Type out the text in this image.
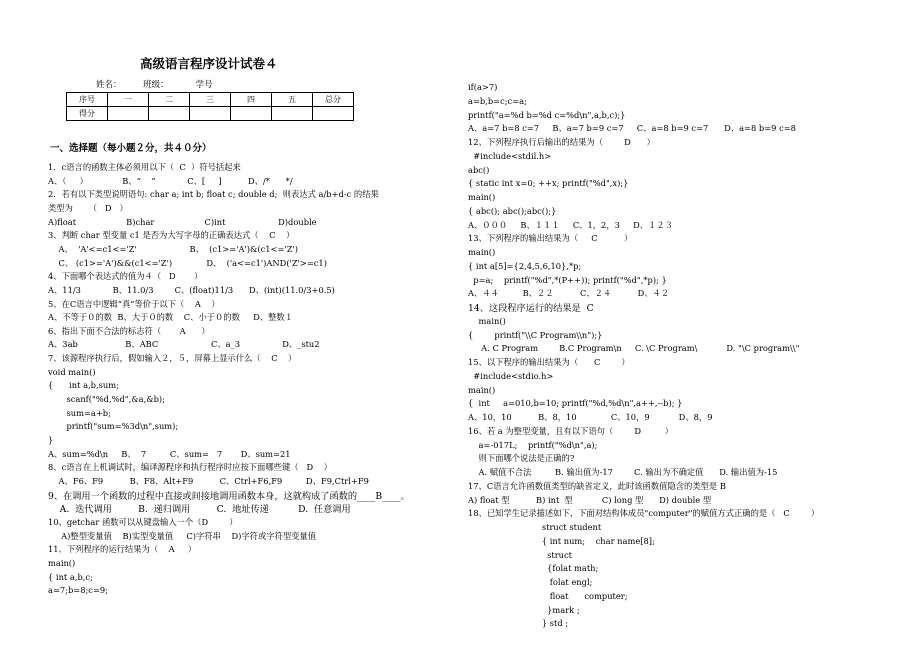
高级语言程序设计试卷４
姓名：        班级：          学号
序号	一	二	三	四	五	总分
得分						
一、选择题（每小题２分，共４０分）
1．c语言的函数主体必须用以下（  C  ）符号括起来
A、（     ）             B、“    ”            C、[     ]          D、/*      */
2．若有以下类型说明语句: char a; int b; float c; double d;  则表达式 a/b+d-c 的结果
类型为      （   D   ）
A)float                   B)char                   C)int                    D)double
3、判断 char 型变量 c1 是否为大写字母的正确表达式（    C    ）
A、  'A'<=c1<='Z'                    B、  (c1>='A')&(c1<='Z')
C、 (c1>='A')&&(c1<='Z')             D、  ('a<=c1')AND('Z'>=c1)
4、下面哪个表达式的值为４（   D       ）
A、11/3            B、11.0/3        C、(float)11/3      D、(int)(11.0/3+0.5)
5、在C语言中逻辑“真”等价于以下（    A    ）
A、不等于０的数  B、大于０的数    C、小于０的数     D、整数１
6、指出下面不合法的标志符（       A      ）
A、3ab                  B、ABC                    C、a_3                D、_stu2
7、该源程序执行后，假如输入２，５，屏幕上显示什么（    C    ）
void main()
{      int a,b,sum;
scanf("%d,%d",&a,&b);
sum=a+b;
printf("sum=%3d\n",sum);
}
A、sum=%d\n     B、  7         C、sum=   7       D、sum=21
8、c语言在上机调试时，编译源程序和执行程序时应按下面哪些键（   D    ）
A、F6、F9          B、F8、Alt+F9          C、Ctrl+F6,F9         D、F9,Ctrl+F9
9、在调用一个函数的过程中直接或间接地调用函数本身，这就构成了函数的____B____。
A.  迭代调用         B.  递归调用         C.  地址传递          D.  任意调用
10、getchar 函数可以从键盘输入一个（D        ）
A)整型变量值    B)实型变量值     C)字符串    D)字符或字符型变量值
11、下列程序的运行结果为（    A     ）
main()
{ int a,b,c;
a=7;b=8;c=9;
if(a>7)
a=b,b=c;c=a;
printf("a=%d b=%d c=%d\n",a,b,c);}
A、a=7 b=8 c=7     B、a=7 b=9 c=7     C、a=8 b=9 c=7      D、a=8 b=9 c=8
12、下列程序执行后输出的结果为（        D      ）
#include<stdil.h>
abc()
{ static int x=0; ++x; printf("%d",x);}
main()
{ abc(); abc();abc();}
A、０００     B、１１１     C、1，2，3     D、１２３
13、下列程序的输出结果为（     C          ）
main()
{ int a[5]={2,4,5,6,10},*p;
p=a;    printf("%d",*(P++)); printf("%d",*p); }
A、４４         B、２２          C、２４          D、４２
14、这段程序运行的结果是  C
main()
{        printf("\\C Program\\n");}
A. C Program        B.C Program\n     C. \C Program\           D. "\C program\\"
15、以下程序的输出结果为（      C        ）
#include<stdio.h>
main()
{  int     a=010,b=10; printf("%d,%d\n",a++,--b); }
A、10，10          B、8，10             C、10，9           D、8，9
16、若 a 为整型变量，且有以下语句（        D         ）
a=-017L;    printf("%d\n",a);
则下面哪个说法是正确的?
A. 赋值不合法         B. 输出值为-17        C. 输出为不确定值      D. 输出值为-15
17、C语言允许函数值类型的缺省定义，此时该函数值隐含的类型是 B
A) float 型          B) int  型           C) long 型      D) double 型
18、已知学生记录描述如下，下面对结构体成员"computer"的赋值方式正确的是（   C        ）
struct student
{ int num;    char name[8];
struct
{folat math;
folat engl;
float      computer;
}mark ;
} std ;
